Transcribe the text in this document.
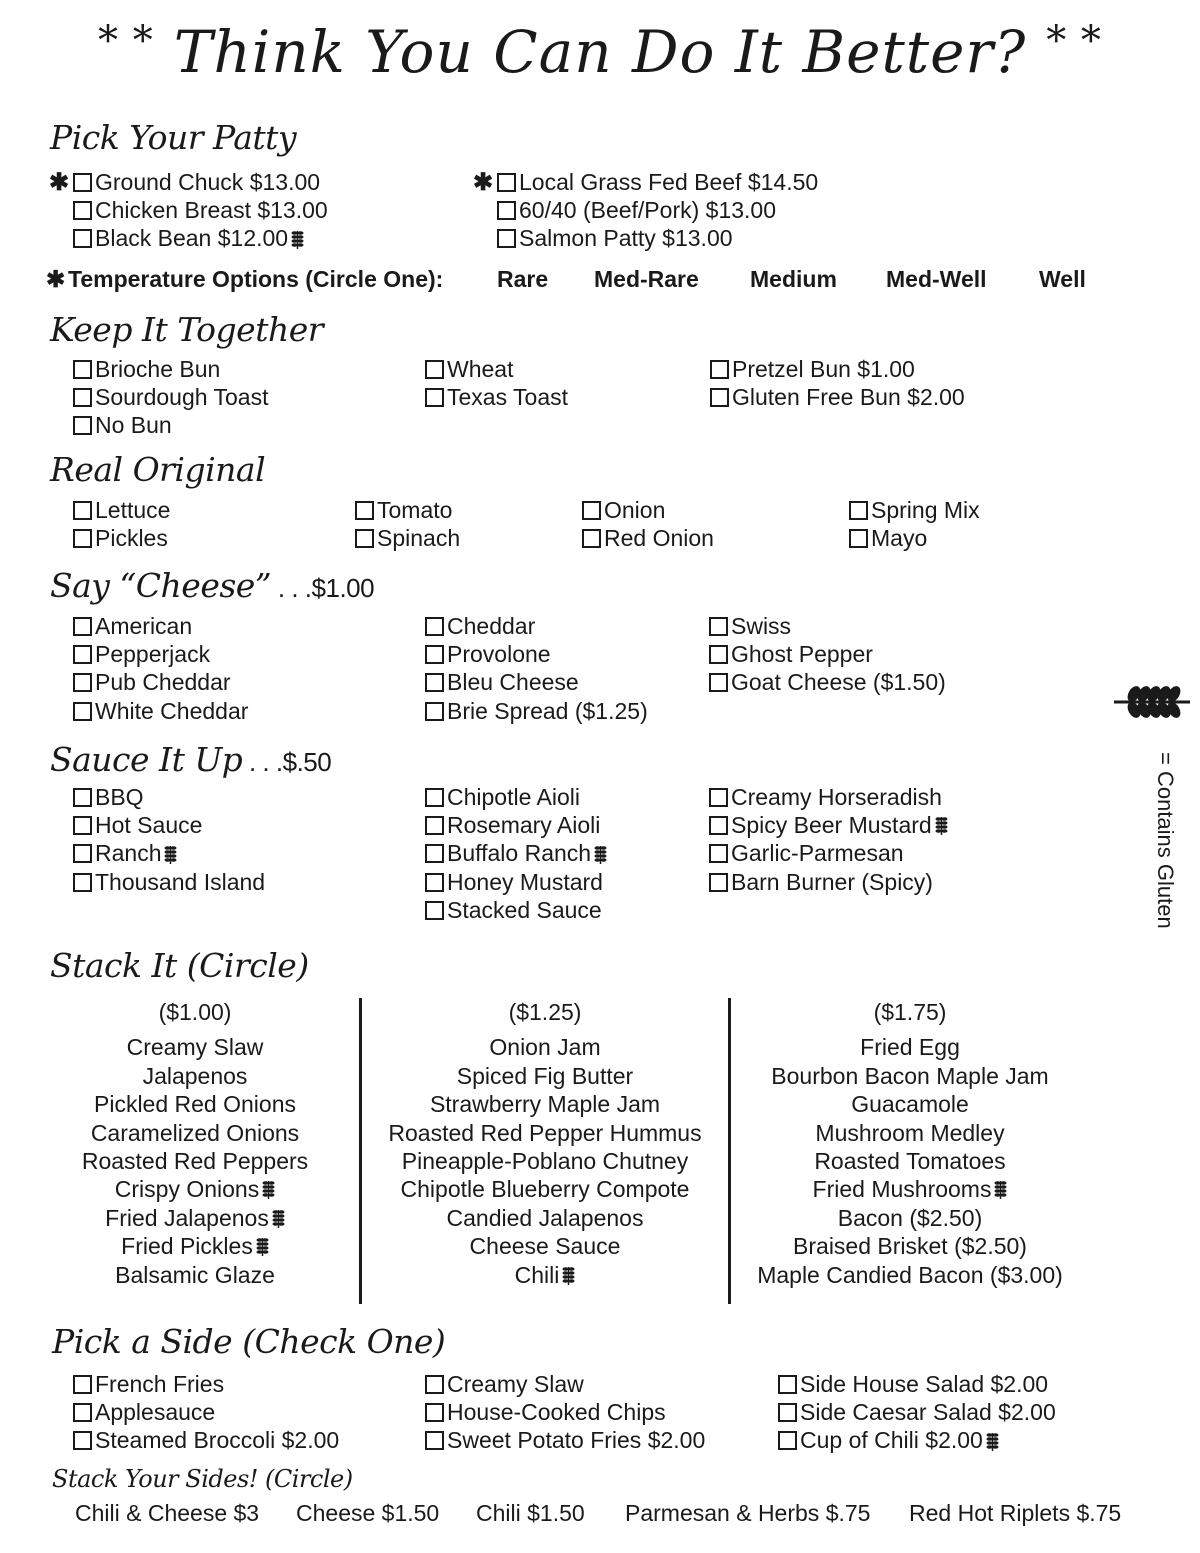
* * Think You Can Do It Better? * *
Pick Your Patty
✱ Ground Chuck $13.00
Chicken Breast $13.00
Black Bean $12.00
✱ Local Grass Fed Beef $14.50
60/40 (Beef/Pork) $13.00
Salmon Patty $13.00
✱ Temperature Options (Circle One): Rare Med-Rare Medium Med-Well Well
Keep It Together
Brioche Bun
Sourdough Toast
No Bun
Wheat
Texas Toast
Pretzel Bun $1.00
Gluten Free Bun $2.00
Real Original
Lettuce
Pickles
Tomato
Spinach
Onion
Red Onion
Spring Mix
Mayo
Say “Cheese” . . .$1.00
American
Pepperjack
Pub Cheddar
White Cheddar
Cheddar
Provolone
Bleu Cheese
Brie Spread ($1.25)
Swiss
Ghost Pepper
Goat Cheese ($1.50)
Sauce It Up . . .$.50
BBQ
Hot Sauce
Ranch
Thousand Island
Chipotle Aioli
Rosemary Aioli
Buffalo Ranch
Honey Mustard
Stacked Sauce
Creamy Horseradish
Spicy Beer Mustard
Garlic-Parmesan
Barn Burner (Spicy)	= Contains Gluten
Stack It (Circle)
($1.00)
Creamy Slaw
Jalapenos
Pickled Red Onions
Caramelized Onions
Roasted Red Peppers
Crispy Onions
Fried Jalapenos
Fried Pickles
Balsamic Glaze
($1.25)
Onion Jam
Spiced Fig Butter
Strawberry Maple Jam
Roasted Red Pepper Hummus
Pineapple-Poblano Chutney
Chipotle Blueberry Compote
Candied Jalapenos
Cheese Sauce
Chili
($1.75)
Fried Egg
Bourbon Bacon Maple Jam
Guacamole
Mushroom Medley
Roasted Tomatoes
Fried Mushrooms
Bacon ($2.50)
Braised Brisket ($2.50)
Maple Candied Bacon ($3.00)
Pick a Side (Check One)
French Fries
Applesauce
Steamed Broccoli $2.00
Creamy Slaw
House-Cooked Chips
Sweet Potato Fries $2.00
Side House Salad $2.00
Side Caesar Salad $2.00
Cup of Chili $2.00
Stack Your Sides! (Circle)
Chili & Cheese $3 Cheese $1.50 Chili $1.50 Parmesan & Herbs $.75 Red Hot Riplets $.75
